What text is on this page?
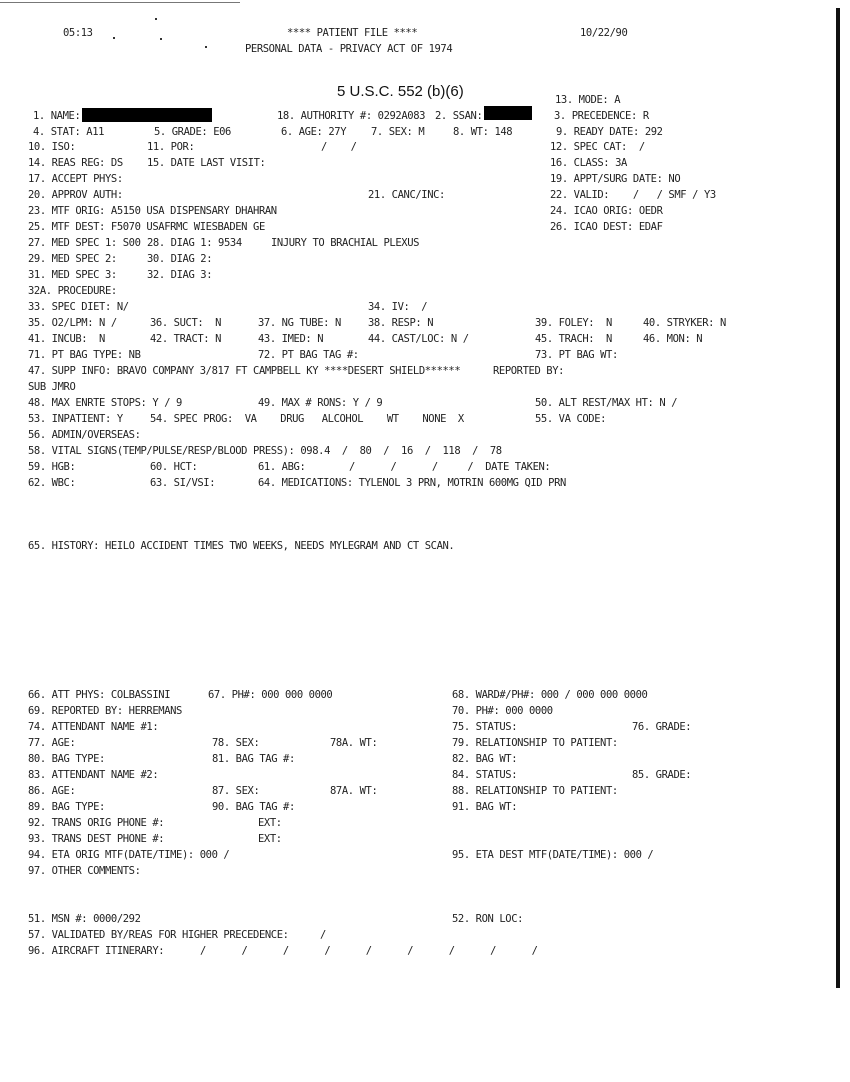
05:13	**** PATIENT FILE ****	10/22/90
PERSONAL DATA - PRIVACY ACT OF 1974
5 U.S.C. 552 (b)(6)	13. MODE: A
1. NAME:	18. AUTHORITY #: 0292A083 2. SSAN:	3. PRECEDENCE: R
4. STAT: A11	5. GRADE: E06	6. AGE: 27Y 7. SEX: M	8. WT: 148	9. READY DATE: 292
10. ISO:	11. POR:	/    /	12. SPEC CAT:  /
14. REAS REG: DS 15. DATE LAST VISIT:	16. CLASS: 3A
17. ACCEPT PHYS:	19. APPT/SURG DATE: NO
20. APPROV AUTH:	21. CANC/INC:	22. VALID:    /   / SMF / Y3
23. MTF ORIG: A5150 USA DISPENSARY DHAHRAN	24. ICAO ORIG: OEDR
25. MTF DEST: F5070 USAFRMC WIESBADEN GE	26. ICAO DEST: EDAF
27. MED SPEC 1: S00 28. DIAG 1: 9534	INJURY TO BRACHIAL PLEXUS
29. MED SPEC 2:	30. DIAG 2:
31. MED SPEC 3:	32. DIAG 3:
32A. PROCEDURE:
33. SPEC DIET: N/	34. IV:  /
35. O2/LPM: N /	36. SUCT:  N	37. NG TUBE: N	38. RESP: N	39. FOLEY:  N	40. STRYKER: N
41. INCUB:  N	42. TRACT: N	43. IMED: N	44. CAST/LOC: N /	45. TRACH:  N	46. MON: N
71. PT BAG TYPE: NB	72. PT BAG TAG #:	73. PT BAG WT:
47. SUPP INFO: BRAVO COMPANY 3/817 FT CAMPBELL KY ****DESERT SHIELD******	REPORTED BY:
SUB JMRO
48. MAX ENRTE STOPS: Y / 9	49. MAX # RONS: Y / 9	50. ALT REST/MAX HT: N /
53. INPATIENT: Y	54. SPEC PROG:  VA    DRUG   ALCOHOL    WT    NONE  X	55. VA CODE:
56. ADMIN/OVERSEAS:
58. VITAL SIGNS(TEMP/PULSE/RESP/BLOOD PRESS): 098.4  /  80  /  16  /  118  /  78
59. HGB:	60. HCT:	61. ABG:	/      /      /     /  DATE TAKEN:
62. WBC:	63. SI/VSI:	64. MEDICATIONS: TYLENOL 3 PRN, MOTRIN 600MG QID PRN
65. HISTORY: HEILO ACCIDENT TIMES TWO WEEKS, NEEDS MYLEGRAM AND CT SCAN.
66. ATT PHYS: COLBASSINI	67. PH#: 000 000 0000	68. WARD#/PH#: 000 / 000 000 0000
69. REPORTED BY: HERREMANS	70. PH#: 000 0000
74. ATTENDANT NAME #1:	75. STATUS:	76. GRADE:
77. AGE:	78. SEX:	78A. WT:	79. RELATIONSHIP TO PATIENT:
80. BAG TYPE:	81. BAG TAG #:	82. BAG WT:
83. ATTENDANT NAME #2:	84. STATUS:	85. GRADE:
86. AGE:	87. SEX:	87A. WT:	88. RELATIONSHIP TO PATIENT:
89. BAG TYPE:	90. BAG TAG #:	91. BAG WT:
92. TRANS ORIG PHONE #:	EXT:
93. TRANS DEST PHONE #:	EXT:
94. ETA ORIG MTF(DATE/TIME): 000 /	95. ETA DEST MTF(DATE/TIME): 000 /
97. OTHER COMMENTS:
51. MSN #: 0000/292	52. RON LOC:
57. VALIDATED BY/REAS FOR HIGHER PRECEDENCE:	/
96. AIRCRAFT ITINERARY:	/      /      /      /      /      /      /      /      /
